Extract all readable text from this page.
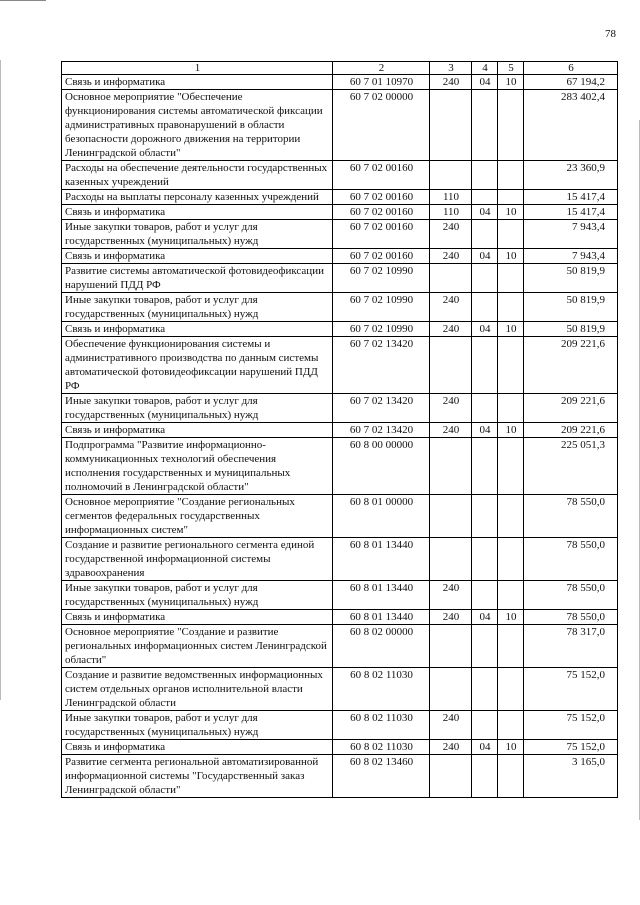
78
1	2	3	4	5	6
Связь и информатика	60 7 01 10970	240	04	10	67 194,2
Основное мероприятие "Обеспечение функционирования системы автоматической фиксации административных правонарушений в области безопасности дорожного движения на территории Ленинградской области"	60 7 02 00000				283 402,4
Расходы на обеспечение деятельности государственных казенных учреждений	60 7 02 00160				23 360,9
Расходы на выплаты персоналу казенных учреждений	60 7 02 00160	110			15 417,4
Связь и информатика	60 7 02 00160	110	04	10	15 417,4
Иные закупки товаров, работ и услуг для государственных (муниципальных) нужд	60 7 02 00160	240			7 943,4
Связь и информатика	60 7 02 00160	240	04	10	7 943,4
Развитие системы автоматической фотовидеофиксации нарушений ПДД РФ	60 7 02 10990				50 819,9
Иные закупки товаров, работ и услуг для государственных (муниципальных) нужд	60 7 02 10990	240			50 819,9
Связь и информатика	60 7 02 10990	240	04	10	50 819,9
Обеспечение функционирования системы и административного производства по данным системы автоматической фотовидеофиксации нарушений ПДД РФ	60 7 02 13420				209 221,6
Иные закупки товаров, работ и услуг для государственных (муниципальных) нужд	60 7 02 13420	240			209 221,6
Связь и информатика	60 7 02 13420	240	04	10	209 221,6
Подпрограмма "Развитие информационно-коммуникационных технологий обеспечения исполнения государственных и муниципальных полномочий в Ленинградской области"	60 8 00 00000				225 051,3
Основное мероприятие "Создание региональных сегментов федеральных государственных информационных систем"	60 8 01 00000				78 550,0
Создание и развитие регионального сегмента единой государственной информационной системы здравоохранения	60 8 01 13440				78 550,0
Иные закупки товаров, работ и услуг для государственных (муниципальных) нужд	60 8 01 13440	240			78 550,0
Связь и информатика	60 8 01 13440	240	04	10	78 550,0
Основное мероприятие "Создание и развитие региональных информационных систем Ленинградской области"	60 8 02 00000				78 317,0
Создание и развитие ведомственных информационных систем отдельных органов исполнительной власти Ленинградской области	60 8 02 11030				75 152,0
Иные закупки товаров, работ и услуг для государственных (муниципальных) нужд	60 8 02 11030	240			75 152,0
Связь и информатика	60 8 02 11030	240	04	10	75 152,0
Развитие сегмента региональной автоматизированной информационной системы "Государственный заказ Ленинградской области"	60 8 02 13460				3 165,0
